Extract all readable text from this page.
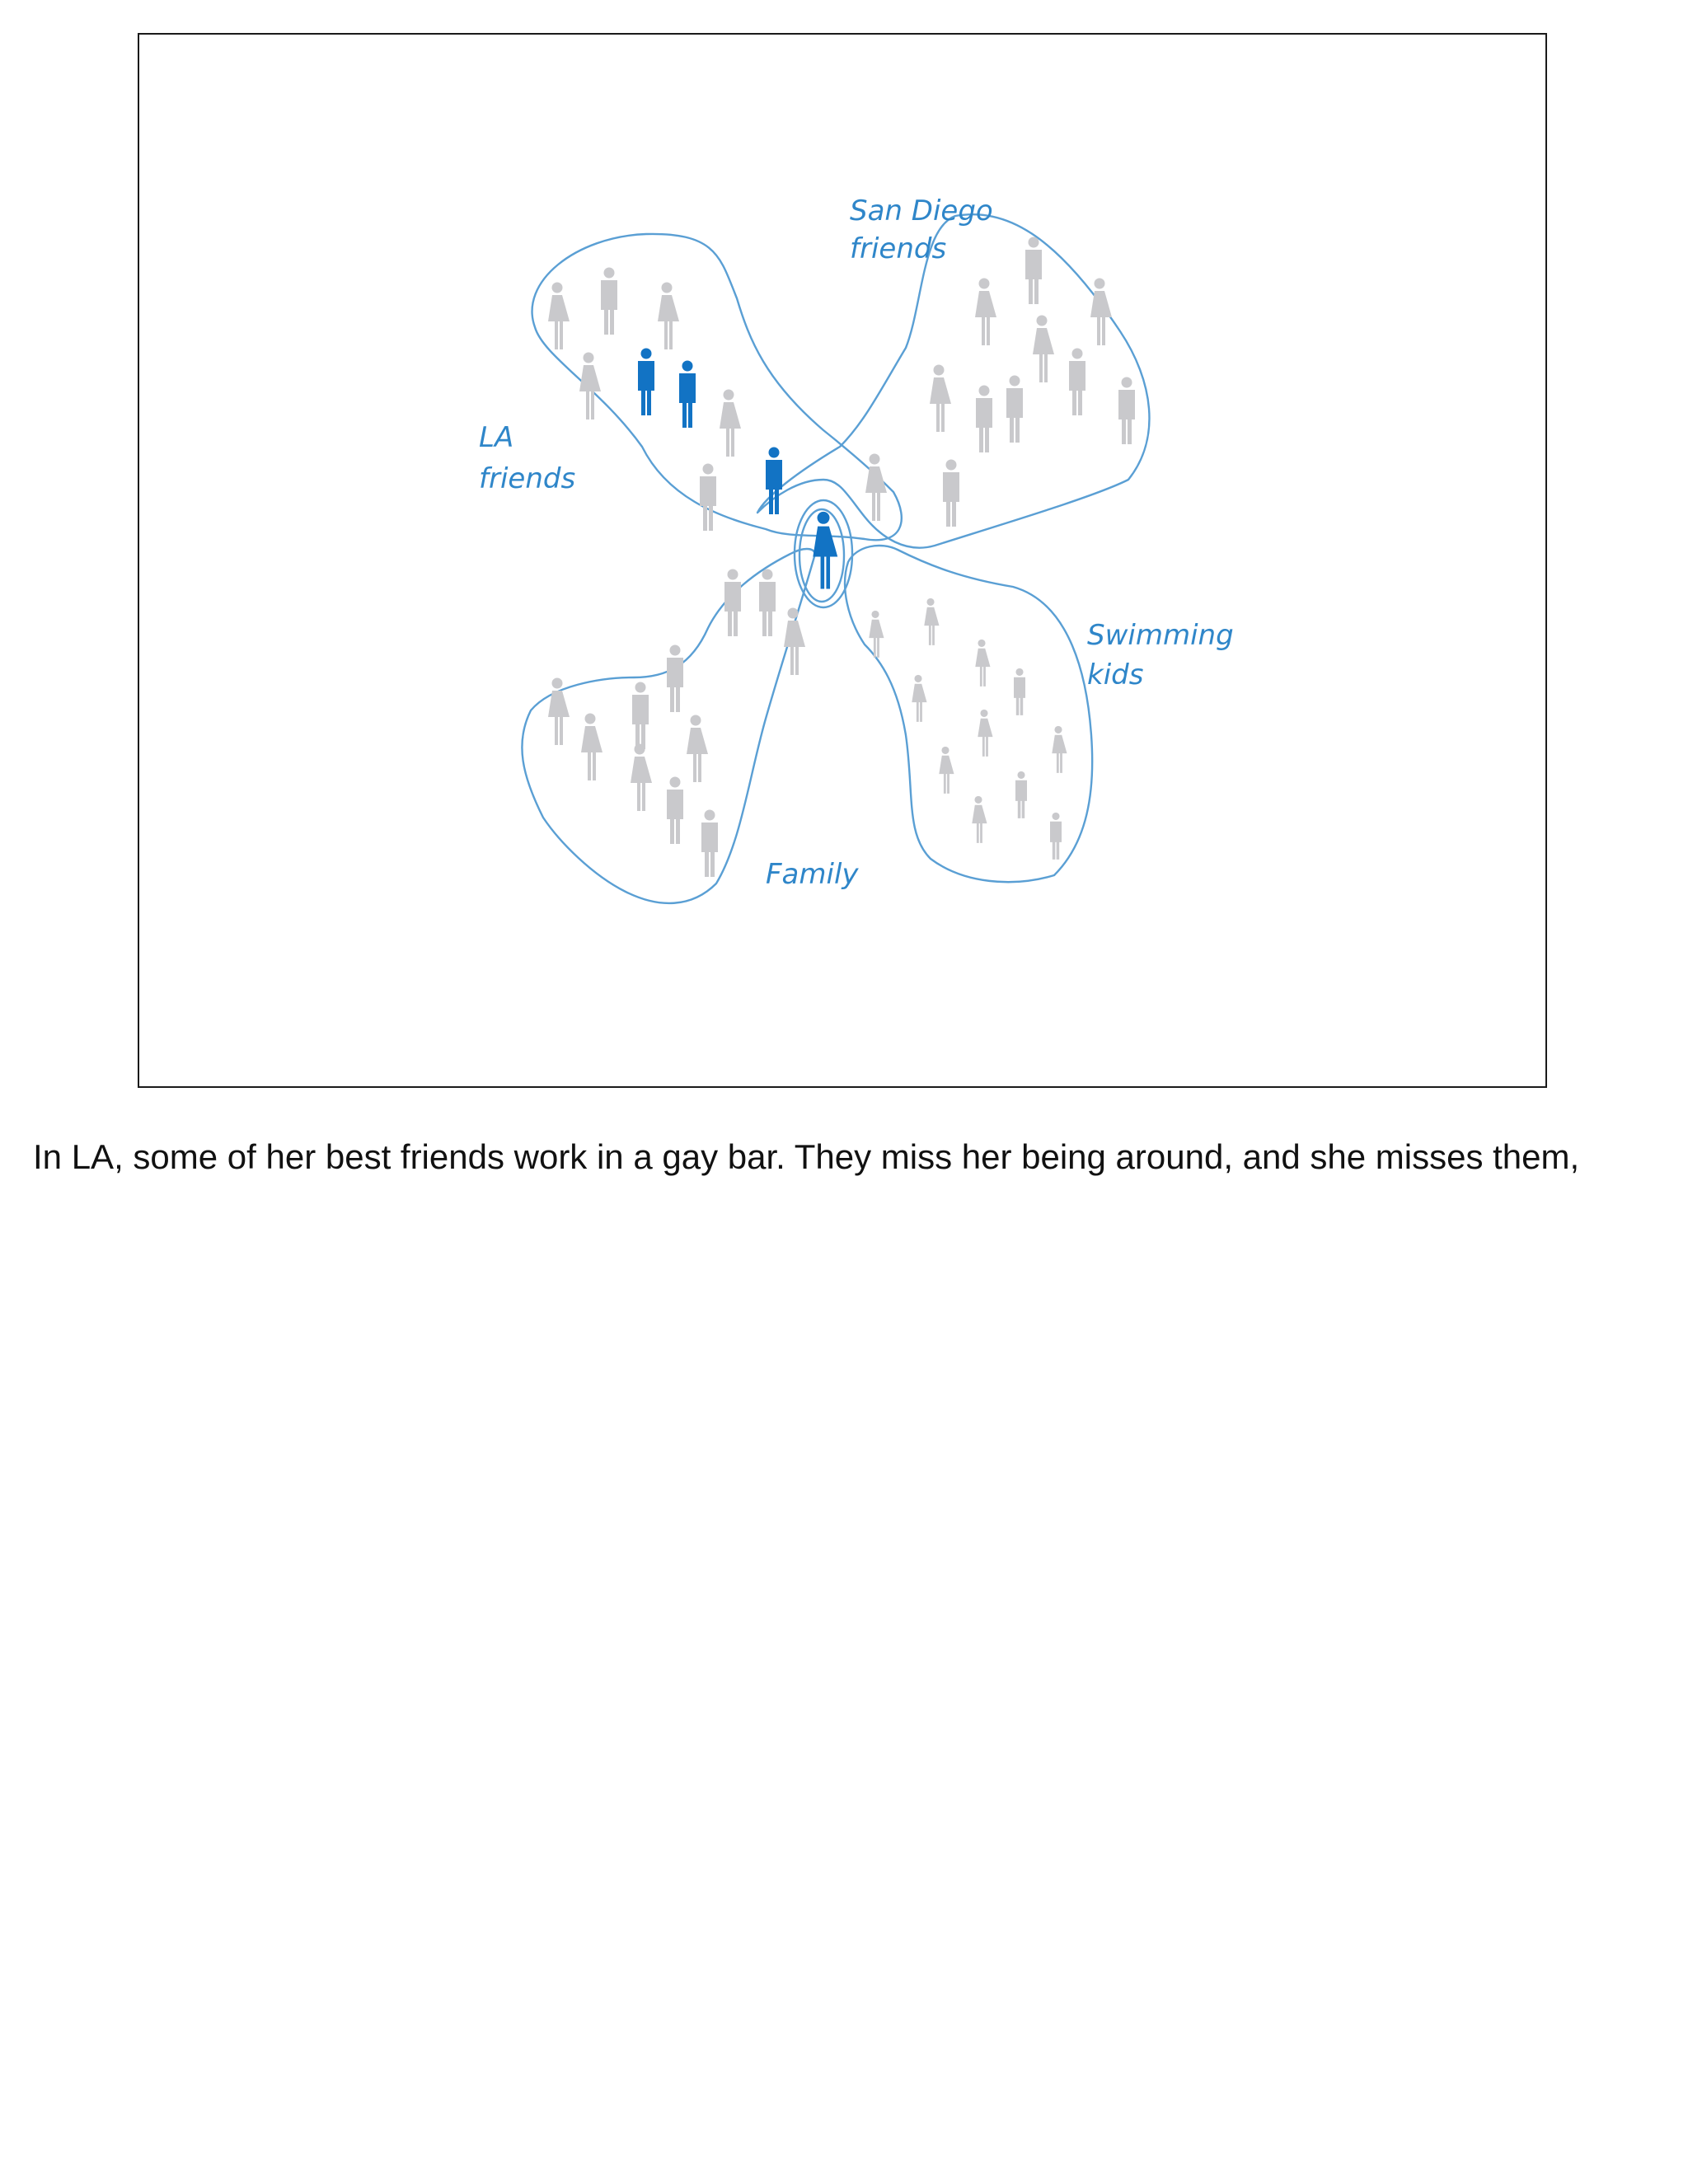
LA friends
San Diego friends
Swimming kids
Family

In LA, some of her best friends work in a gay bar. They miss her being around, and she misses them,
